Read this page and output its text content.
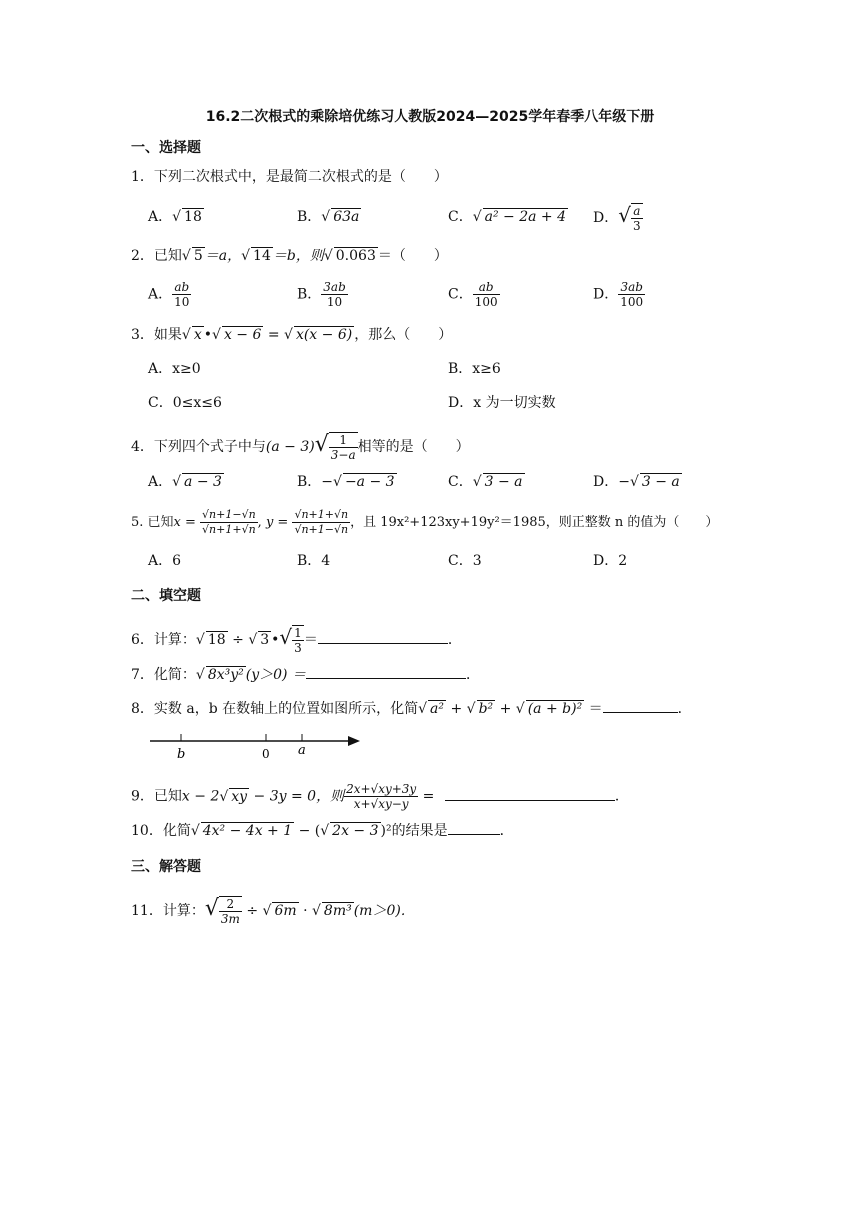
16.2二次根式的乘除培优练习人教版2024—2025学年春季八年级下册
一、选择题
1．下列二次根式中，是最简二次根式的是（　　）
A．√ 18	B．√ 63a	C．√ a² − 2a + 4 D．√ $\frac{a}{3}$
2．已知√ 5 ＝a，√ 14 ＝b，则√ 0.063 ＝（　　）
A． $\frac{ab}{10}$	B． $\frac{3ab}{10}$	C． $\frac{ab}{100}$	D． $\frac{3ab}{100}$
3．如果√ x •√ x − 6 = √ x(x − 6) ，那么（　　）
A．x≥0	B．x≥6
C．0≤x≤6	D．x 为一切实数
4．下列四个式子中与$(a - 3)√ \frac{1}{3-a}$ 相等的是（　　）
A．√ a − 3	B．−√ −a − 3	C．√ 3 − a	D．−√ 3 − a
5. 已知$x = \frac{√n+1-√n}{√n+1+√n}$ , $y = \frac{√n+1+√n}{√n+1-√n}$ ，且 19x²+123xy+19y²＝1985，则正整数 n 的值为（　　）
A．6	B．4	C．3	D．2
二、填空题
6．计算：√ 18 ÷ √ 3 •√ $\frac{1}{3}$ ＝	．
7．化简：√ 8x³y² (y＞0) ＝	．
8．实数 a，b 在数轴上的位置如图所示，化简√ a² + √ b² + √ (a + b)² ＝	．
b	0 a
9．已知x − 2√ xy − 3y = 0，则 $\frac{2x+√xy+3y}{x+√xy-y}$ =	．
10．化简√ 4x² − 4x + 1 − (√ 2x − 3 )²的结果是	．
三、解答题
11．计算：√ $\frac{2}{3m}$ ÷ √ 6m · √ 8m³ (m＞0)．
